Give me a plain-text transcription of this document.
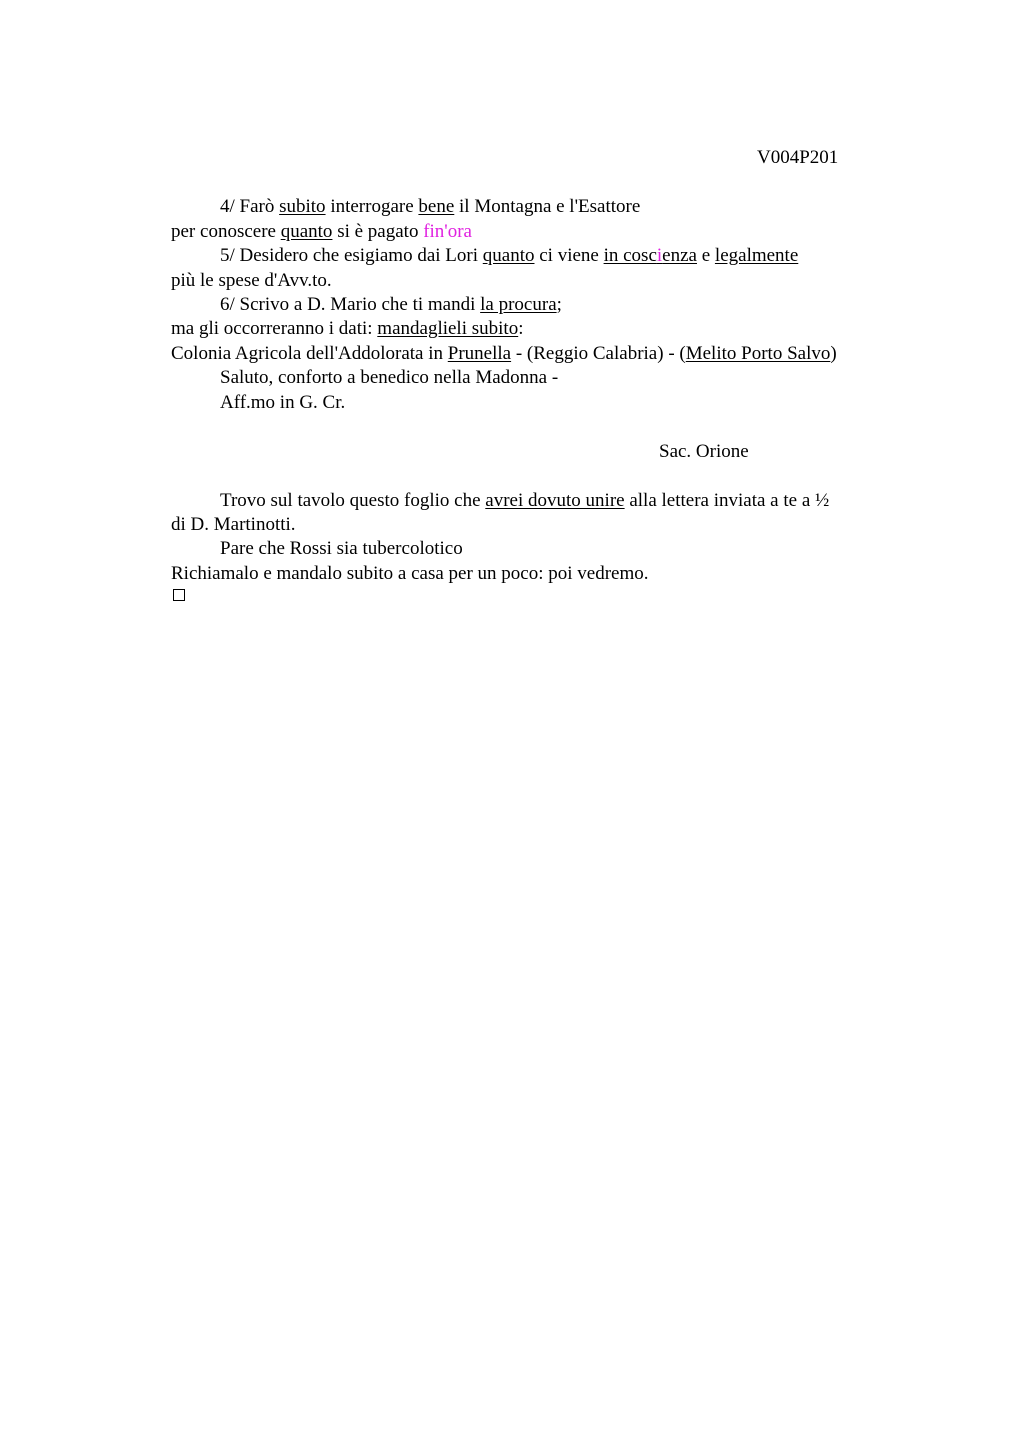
V004P201
4/ Farò subito interrogare bene il Montagna e l'Esattore
per conoscere quanto si è pagato fin'ora
5/ Desidero che esigiamo dai Lori quanto ci viene in coscienza e legalmente
più le spese d'Avv.to.
6/ Scrivo a D. Mario che ti mandi la procura;
ma gli occorreranno i dati: mandaglieli subito:
Colonia Agricola dell'Addolorata in Prunella - (Reggio Calabria) - (Melito Porto Salvo)
Saluto, conforto a benedico nella Madonna -
Aff.mo in G. Cr.
Sac. Orione
Trovo sul tavolo questo foglio che avrei dovuto unire alla lettera inviata a te a ½
di D. Martinotti.
Pare che Rossi sia tubercolotico
Richiamalo e mandalo subito a casa per un poco: poi vedremo.
